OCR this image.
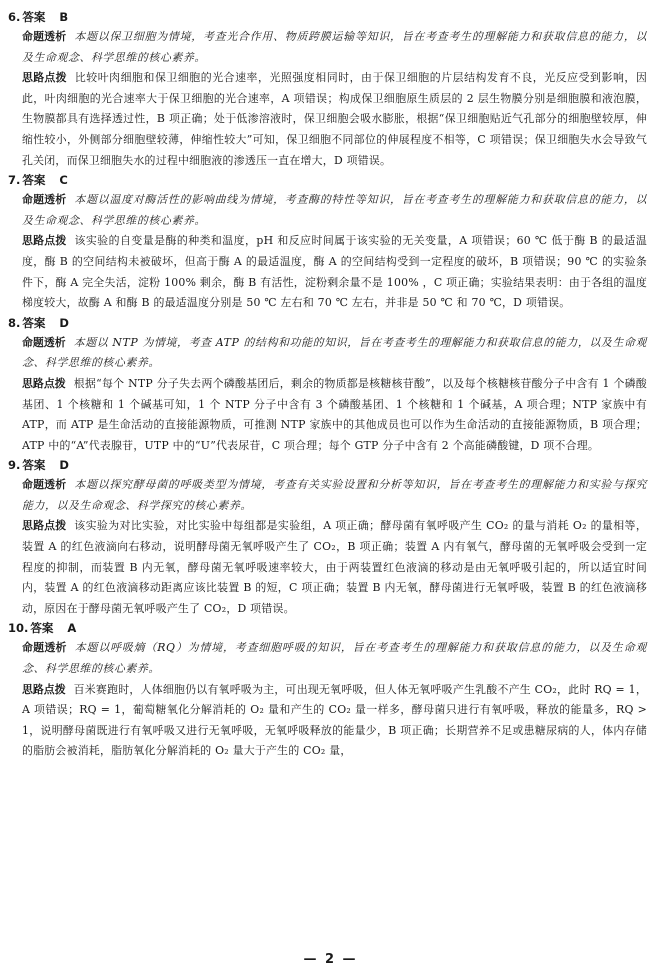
6. 答案 B
命题透析 本题以保卫细胞为情境，考查光合作用、物质跨膜运输等知识，旨在考查考生的理解能力和获取信息的能力，以及生命观念、科学思维的核心素养。
思路点拨 比较叶肉细胞和保卫细胞的光合速率，光照强度相同时，由于保卫细胞的片层结构发育不良，光反应受到影响，因此，叶肉细胞的光合速率大于保卫细胞的光合速率，A 项错误；构成保卫细胞原生质层的 2 层生物膜分别是细胞膜和液泡膜，生物膜都具有选择透过性，B 项正确；处于低渗溶液时，保卫细胞会吸水膨胀，根据“保卫细胞贴近气孔部分的细胞壁较厚，伸缩性较小，外侧部分细胞壁较薄，伸缩性较大”可知，保卫细胞不同部位的伸展程度不相等，C 项错误；保卫细胞失水会导致气孔关闭，而保卫细胞失水的过程中细胞液的渗透压一直在增大，D 项错误。
7. 答案 C
命题透析 本题以温度对酶活性的影响曲线为情境，考查酶的特性等知识，旨在考查考生的理解能力和获取信息的能力，以及生命观念、科学思维的核心素养。
思路点拨 该实验的自变量是酶的种类和温度，pH 和反应时间属于该实验的无关变量，A 项错误；60 ℃ 低于酶 B 的最适温度，酶 B 的空间结构未被破坏，但高于酶 A 的最适温度，酶 A 的空间结构受到一定程度的破坏，B 项错误；90 ℃ 的实验条件下，酶 A 完全失活，淀粉 100% 剩余，酶 B 有活性，淀粉剩余量不是 100% ，C 项正确；实验结果表明：由于各组的温度梯度较大，故酶 A 和酶 B 的最适温度分别是 50 ℃ 左右和 70 ℃ 左右，并非是 50 ℃ 和 70 ℃，D 项错误。
8. 答案 D
命题透析 本题以 NTP 为情境，考查 ATP 的结构和功能的知识，旨在考查考生的理解能力和获取信息的能力，以及生命观念、科学思维的核心素养。
思路点拨 根据“每个 NTP 分子失去两个磷酸基团后，剩余的物质都是核糖核苷酸”，以及每个核糖核苷酸分子中含有 1 个磷酸基团、1 个核糖和 1 个碱基可知，1 个 NTP 分子中含有 3 个磷酸基团、1 个核糖和 1 个碱基，A 项合理；NTP 家族中有 ATP，而 ATP 是生命活动的直接能源物质，可推测 NTP 家族中的其他成员也可以作为生命活动的直接能源物质，B 项合理；ATP 中的“A”代表腺苷，UTP 中的“U”代表尿苷，C 项合理；每个 GTP 分子中含有 2 个高能磷酸键，D 项不合理。
9. 答案 D
命题透析 本题以探究酵母菌的呼吸类型为情境，考查有关实验设置和分析等知识，旨在考查考生的理解能力和实验与探究能力，以及生命观念、科学探究的核心素养。
思路点拨 该实验为对比实验，对比实验中每组都是实验组，A 项正确；酵母菌有氧呼吸产生 CO₂ 的量与消耗 O₂ 的量相等，装置 A 的红色液滴向右移动，说明酵母菌无氧呼吸产生了 CO₂，B 项正确；装置 A 内有氧气，酵母菌的无氧呼吸会受到一定程度的抑制，而装置 B 内无氧，酵母菌无氧呼吸速率较大，由于两装置红色液滴的移动是由无氧呼吸引起的，所以适宜时间内，装置 A 的红色液滴移动距离应该比装置 B 的短，C 项正确；装置 B 内无氧，酵母菌进行无氧呼吸，装置 B 的红色液滴移动，原因在于酵母菌无氧呼吸产生了 CO₂，D 项错误。
10. 答案 A
命题透析 本题以呼吸熵（RQ）为情境，考查细胞呼吸的知识，旨在考查考生的理解能力和获取信息的能力，以及生命观念、科学思维的核心素养。
思路点拨 百米赛跑时，人体细胞仍以有氧呼吸为主，可出现无氧呼吸，但人体无氧呼吸产生乳酸不产生 CO₂，此时 RQ = 1，A 项错误；RQ = 1，葡萄糖氧化分解消耗的 O₂ 量和产生的 CO₂ 量一样多，酵母菌只进行有氧呼吸，释放的能量多，RQ > 1，说明酵母菌既进行有氧呼吸又进行无氧呼吸，无氧呼吸释放的能量少，B 项正确；长期营养不足或患糖尿病的人，体内存储的脂肪会被消耗，脂肪氧化分解消耗的 O₂ 量大于产生的 CO₂ 量，
— 2 —
